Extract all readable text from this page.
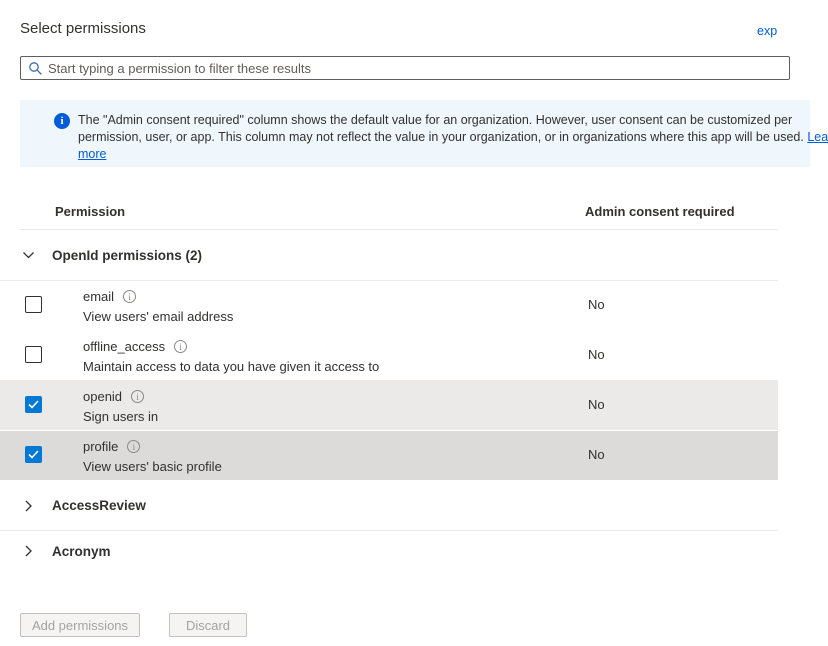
Select permissions	exp
Start typing a permission to filter these results
i	The "Admin consent required" column shows the default value for an organization. However, user consent can be customized per
permission, user, or app. This column may not reflect the value in your organization, or in organizations where this app will be used. Lea
more
Permission	Admin consent required
OpenId permissions (2)
email	i
View users' email address
No
offline_access	i
Maintain access to data you have given it access to
No
openid	i
Sign users in
No
profile	i
View users' basic profile
No
AccessReview
Acronym
Add permissions	Discard
